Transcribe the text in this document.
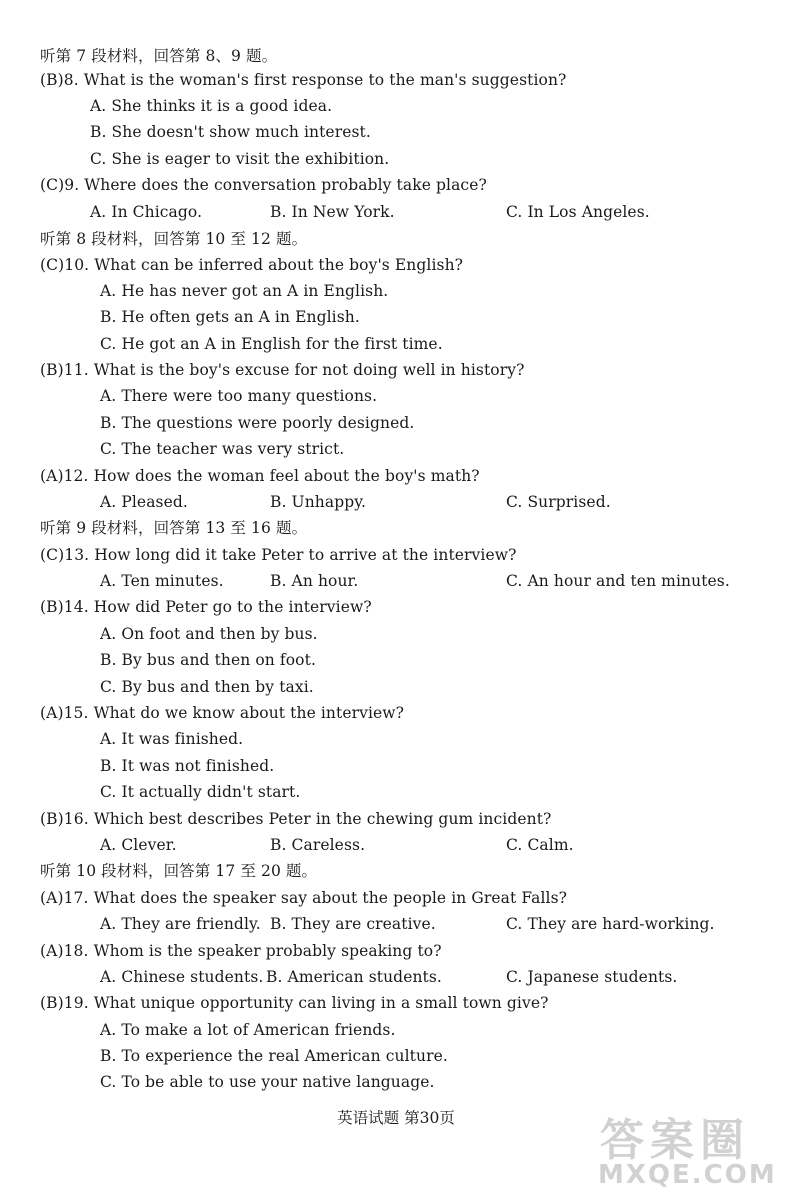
听第 7 段材料，回答第 8、9 题。
(B)8. What is the woman's first response to the man's suggestion?
A. She thinks it is a good idea.
B. She doesn't show much interest.
C. She is eager to visit the exhibition.
(C)9. Where does the conversation probably take place?
A. In Chicago.	B. In New York.	C. In Los Angeles.
听第 8 段材料，回答第 10 至 12 题。
(C)10. What can be inferred about the boy's English?
A. He has never got an A in English.
B. He often gets an A in English.
C. He got an A in English for the first time.
(B)11. What is the boy's excuse for not doing well in history?
A. There were too many questions.
B. The questions were poorly designed.
C. The teacher was very strict.
(A)12. How does the woman feel about the boy's math?
A. Pleased.	B. Unhappy.	C. Surprised.
听第 9 段材料，回答第 13 至 16 题。
(C)13. How long did it take Peter to arrive at the interview?
A. Ten minutes.	B. An hour.	C. An hour and ten minutes.
(B)14. How did Peter go to the interview?
A. On foot and then by bus.
B. By bus and then on foot.
C. By bus and then by taxi.
(A)15. What do we know about the interview?
A. It was finished.
B. It was not finished.
C. It actually didn't start.
(B)16. Which best describes Peter in the chewing gum incident?
A. Clever.	B. Careless.	C. Calm.
听第 10 段材料，回答第 17 至 20 题。
(A)17. What does the speaker say about the people in Great Falls?
A. They are friendly. B. They are creative.	C. They are hard-working.
(A)18. Whom is the speaker probably speaking to?
A. Chinese students. B. American students.	C. Japanese students.
(B)19. What unique opportunity can living in a small town give?
A. To make a lot of American friends.
B. To experience the real American culture.
C. To be able to use your native language.
英语试题 第30页	答案圈
MXQE.COM
